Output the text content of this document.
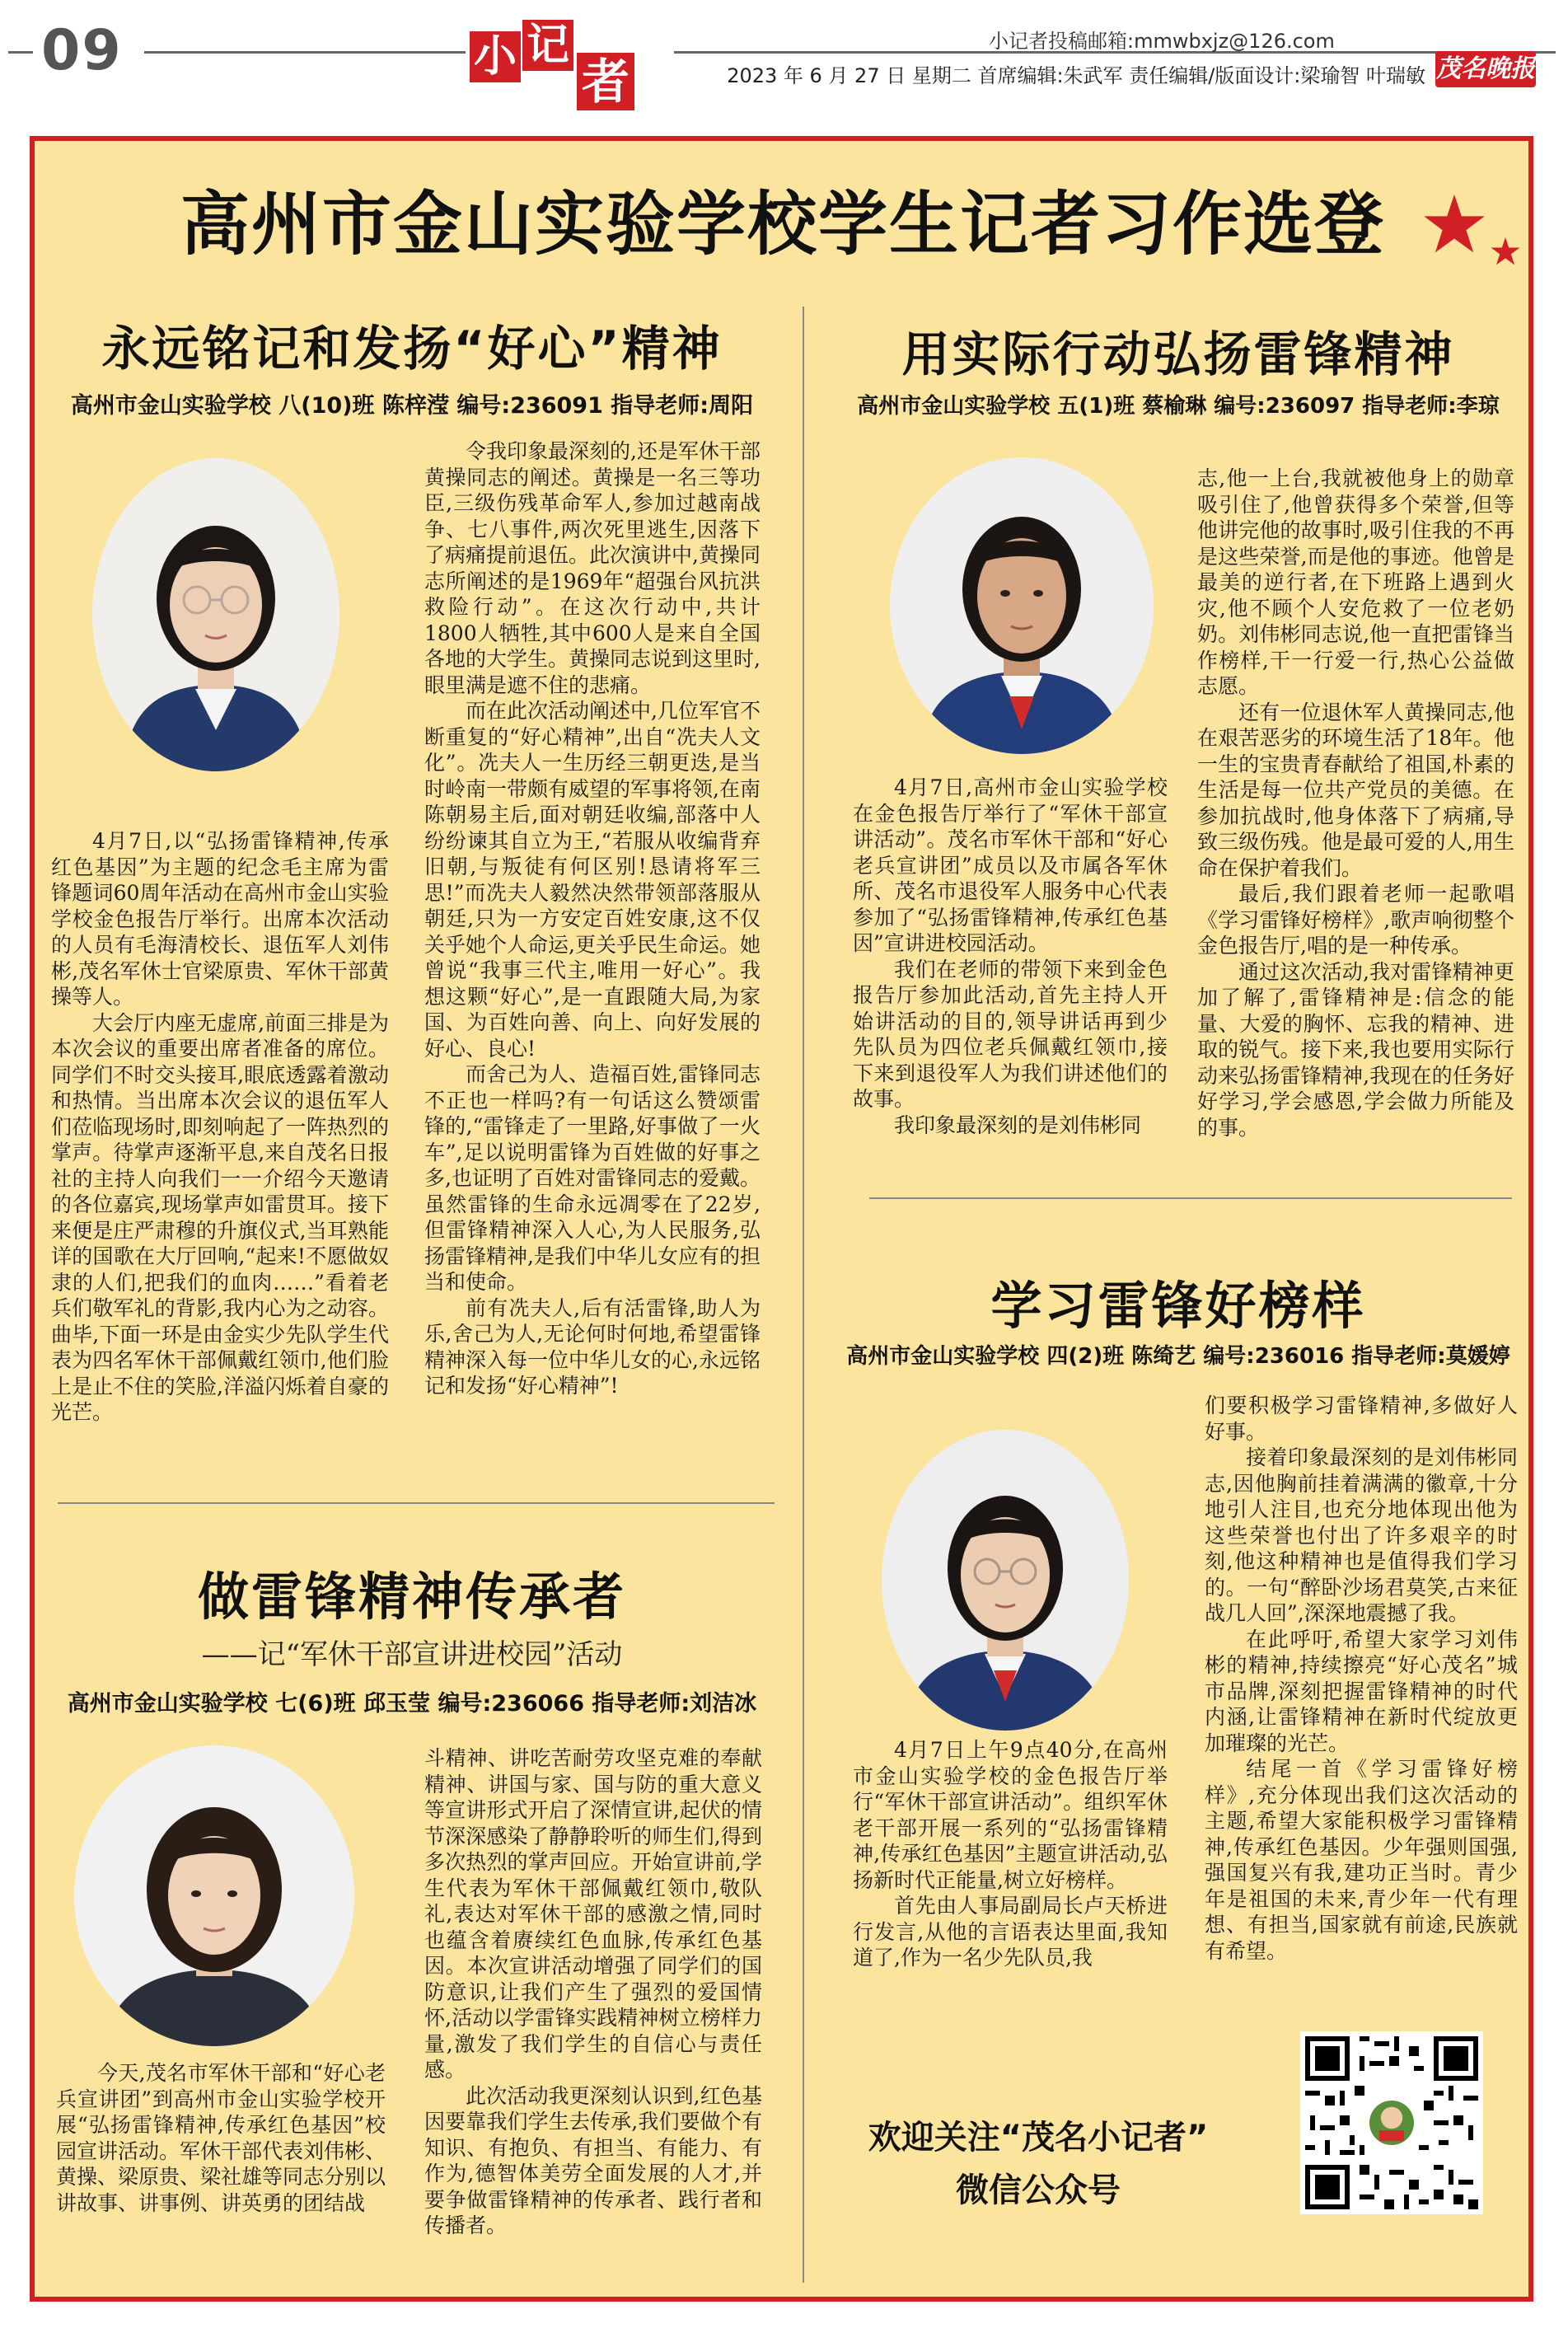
09	小 记
者
小记者投稿邮箱:mmwbxjz@126.com
2023 年 6 月 27 日 星期二 首席编辑:朱武军 责任编辑/版面设计:梁瑜智 叶瑞敏 茂名晚报
高州市金山实验学校学生记者习作选登
永远铭记和发扬“好心”精神
高州市金山实验学校 八(10)班 陈梓滢 编号:236091 指导老师:周阳

4月7日,以“弘扬雷锋精神,传承红色基因”为主题的纪念毛主席为雷锋题词60周年活动在高州市金山实验学校金色报告厅举行。出席本次活动的人员有毛海清校长、退伍军人刘伟彬,茂名军休士官梁原贵、军休干部黄操等人。

大会厅内座无虚席,前面三排是为本次会议的重要出席者准备的席位。同学们不时交头接耳,眼底透露着激动和热情。当出席本次会议的退伍军人们莅临现场时,即刻响起了一阵热烈的掌声。待掌声逐渐平息,来自茂名日报社的主持人向我们一一介绍今天邀请的各位嘉宾,现场掌声如雷贯耳。接下来便是庄严肃穆的升旗仪式,当耳熟能详的国歌在大厅回响,“起来!不愿做奴隶的人们,把我们的血肉……”看着老兵们敬军礼的背影,我内心为之动容。曲毕,下面一环是由金实少先队学生代表为四名军休干部佩戴红领巾,他们脸上是止不住的笑脸,洋溢闪烁着自豪的光芒。

令我印象最深刻的,还是军休干部黄操同志的阐述。黄操是一名三等功臣,三级伤残革命军人,参加过越南战争、七八事件,两次死里逃生,因落下了病痛提前退伍。此次演讲中,黄操同志所阐述的是1969年“超强台风抗洪救险行动”。在这次行动中,共计1800人牺牲,其中600人是来自全国各地的大学生。黄操同志说到这里时,眼里满是遮不住的悲痛。

而在此次活动阐述中,几位军官不断重复的“好心精神”,出自“冼夫人文化”。冼夫人一生历经三朝更迭,是当时岭南一带颇有威望的军事将领,在南陈朝易主后,面对朝廷收编,部落中人纷纷谏其自立为王,“若服从收编背弃旧朝,与叛徒有何区别!恳请将军三思!”而冼夫人毅然决然带领部落服从朝廷,只为一方安定百姓安康,这不仅关乎她个人命运,更关乎民生命运。她曾说“我事三代主,唯用一好心”。我想这颗“好心”,是一直跟随大局,为家国、为百姓向善、向上、向好发展的好心、良心!

而舍己为人、造福百姓,雷锋同志不正也一样吗?有一句话这么赞颂雷锋的,“雷锋走了一里路,好事做了一火车”,足以说明雷锋为百姓做的好事之多,也证明了百姓对雷锋同志的爱戴。虽然雷锋的生命永远凋零在了22岁,但雷锋精神深入人心,为人民服务,弘扬雷锋精神,是我们中华儿女应有的担当和使命。

前有冼夫人,后有活雷锋,助人为乐,舍己为人,无论何时何地,希望雷锋精神深入每一位中华儿女的心,永远铭记和发扬“好心精神”!

用实际行动弘扬雷锋精神
高州市金山实验学校 五(1)班 蔡榆琳 编号:236097 指导老师:李琼

4月7日,高州市金山实验学校在金色报告厅举行了“军休干部宣讲活动”。茂名市军休干部和“好心老兵宣讲团”成员以及市属各军休所、茂名市退役军人服务中心代表参加了“弘扬雷锋精神,传承红色基因”宣讲进校园活动。

我们在老师的带领下来到金色报告厅参加此活动,首先主持人开始讲活动的目的,领导讲话再到少先队员为四位老兵佩戴红领巾,接下来到退役军人为我们讲述他们的故事。

我印象最深刻的是刘伟彬同

志,他一上台,我就被他身上的勋章吸引住了,他曾获得多个荣誉,但等他讲完他的故事时,吸引住我的不再是这些荣誉,而是他的事迹。他曾是最美的逆行者,在下班路上遇到火灾,他不顾个人安危救了一位老奶奶。刘伟彬同志说,他一直把雷锋当作榜样,干一行爱一行,热心公益做志愿。

还有一位退休军人黄操同志,他在艰苦恶劣的环境生活了18年。他一生的宝贵青春献给了祖国,朴素的生活是每一位共产党员的美德。在参加抗战时,他身体落下了病痛,导致三级伤残。他是最可爱的人,用生命在保护着我们。

最后,我们跟着老师一起歌唱《学习雷锋好榜样》,歌声响彻整个金色报告厅,唱的是一种传承。

通过这次活动,我对雷锋精神更加了解了,雷锋精神是:信念的能量、大爱的胸怀、忘我的精神、进取的锐气。接下来,我也要用实际行动来弘扬雷锋精神,我现在的任务好好学习,学会感恩,学会做力所能及的事。

做雷锋精神传承者
——记“军休干部宣讲进校园”活动
高州市金山实验学校 七(6)班 邱玉莹 编号:236066 指导老师:刘洁冰

今天,茂名市军休干部和“好心老兵宣讲团”到高州市金山实验学校开展“弘扬雷锋精神,传承红色基因”校园宣讲活动。军休干部代表刘伟彬、黄操、梁原贵、梁社雄等同志分别以讲故事、讲事例、讲英勇的团结战

斗精神、讲吃苦耐劳攻坚克难的奉献精神、讲国与家、国与防的重大意义等宣讲形式开启了深情宣讲,起伏的情节深深感染了静静聆听的师生们,得到多次热烈的掌声回应。开始宣讲前,学生代表为军休干部佩戴红领巾,敬队礼,表达对军休干部的感激之情,同时也蕴含着赓续红色血脉,传承红色基因。本次宣讲活动增强了同学们的国防意识,让我们产生了强烈的爱国情怀,活动以学雷锋实践精神树立榜样力量,激发了我们学生的自信心与责任感。

此次活动我更深刻认识到,红色基因要靠我们学生去传承,我们要做个有知识、有抱负、有担当、有能力、有作为,德智体美劳全面发展的人才,并要争做雷锋精神的传承者、践行者和传播者。

学习雷锋好榜样
高州市金山实验学校 四(2)班 陈绮艺 编号:236016 指导老师:莫媛婷

4月7日上午9点40分,在高州市金山实验学校的金色报告厅举行“军休干部宣讲活动”。组织军休老干部开展一系列的“弘扬雷锋精神,传承红色基因”主题宣讲活动,弘扬新时代正能量,树立好榜样。

首先由人事局副局长卢天桥进行发言,从他的言语表达里面,我知道了,作为一名少先队员,我

们要积极学习雷锋精神,多做好人好事。

接着印象最深刻的是刘伟彬同志,因他胸前挂着满满的徽章,十分地引人注目,也充分地体现出他为这些荣誉也付出了许多艰辛的时刻,他这种精神也是值得我们学习的。一句“醉卧沙场君莫笑,古来征战几人回”,深深地震撼了我。

在此呼吁,希望大家学习刘伟彬的精神,持续擦亮“好心茂名”城市品牌,深刻把握雷锋精神的时代内涵,让雷锋精神在新时代绽放更加璀璨的光芒。

结尾一首《学习雷锋好榜样》,充分体现出我们这次活动的主题,希望大家能积极学习雷锋精神,传承红色基因。少年强则国强,强国复兴有我,建功正当时。青少年是祖国的未来,青少年一代有理想、有担当,国家就有前途,民族就有希望。

欢迎关注“茂名小记者”
微信公众号
